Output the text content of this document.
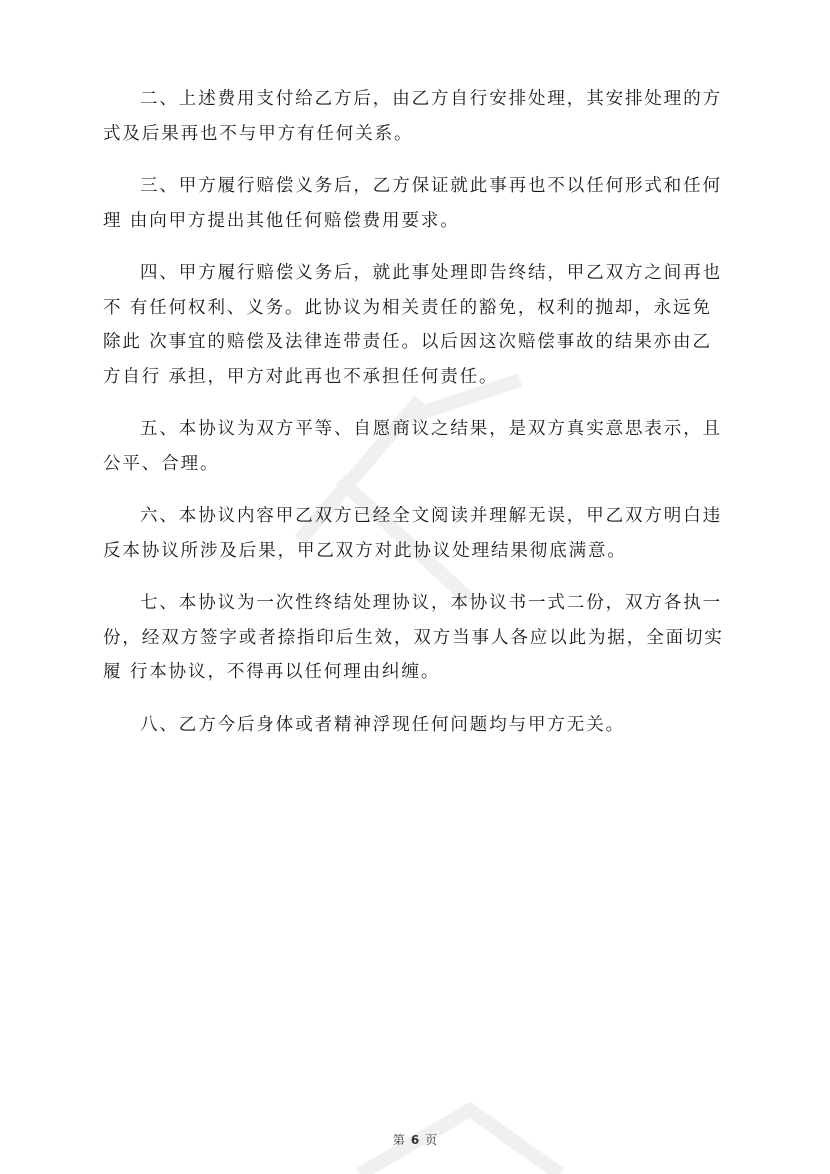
二、上述费用支付给乙方后，由乙方自行安排处理，其安排处理的方
式及后果再也不与甲方有任何关系。
三、甲方履行赔偿义务后，乙方保证就此事再也不以任何形式和任何
理 由向甲方提出其他任何赔偿费用要求。
四、甲方履行赔偿义务后，就此事处理即告终结，甲乙双方之间再也
不 有任何权利、义务。此协议为相关责任的豁免，权利的抛却，永远免
除此 次事宜的赔偿及法律连带责任。以后因这次赔偿事故的结果亦由乙
方自行 承担，甲方对此再也不承担任何责任。
五、本协议为双方平等、自愿商议之结果，是双方真实意思表示，且
公平、合理。
六、本协议内容甲乙双方已经全文阅读并理解无误，甲乙双方明白违
反本协议所涉及后果，甲乙双方对此协议处理结果彻底满意。
七、本协议为一次性终结处理协议，本协议书一式二份，双方各执一
份，经双方签字或者捺指印后生效，双方当事人各应以此为据，全面切实
履 行本协议，不得再以任何理由纠缠。
八、乙方今后身体或者精神浮现任何问题均与甲方无关。
第 6 页
